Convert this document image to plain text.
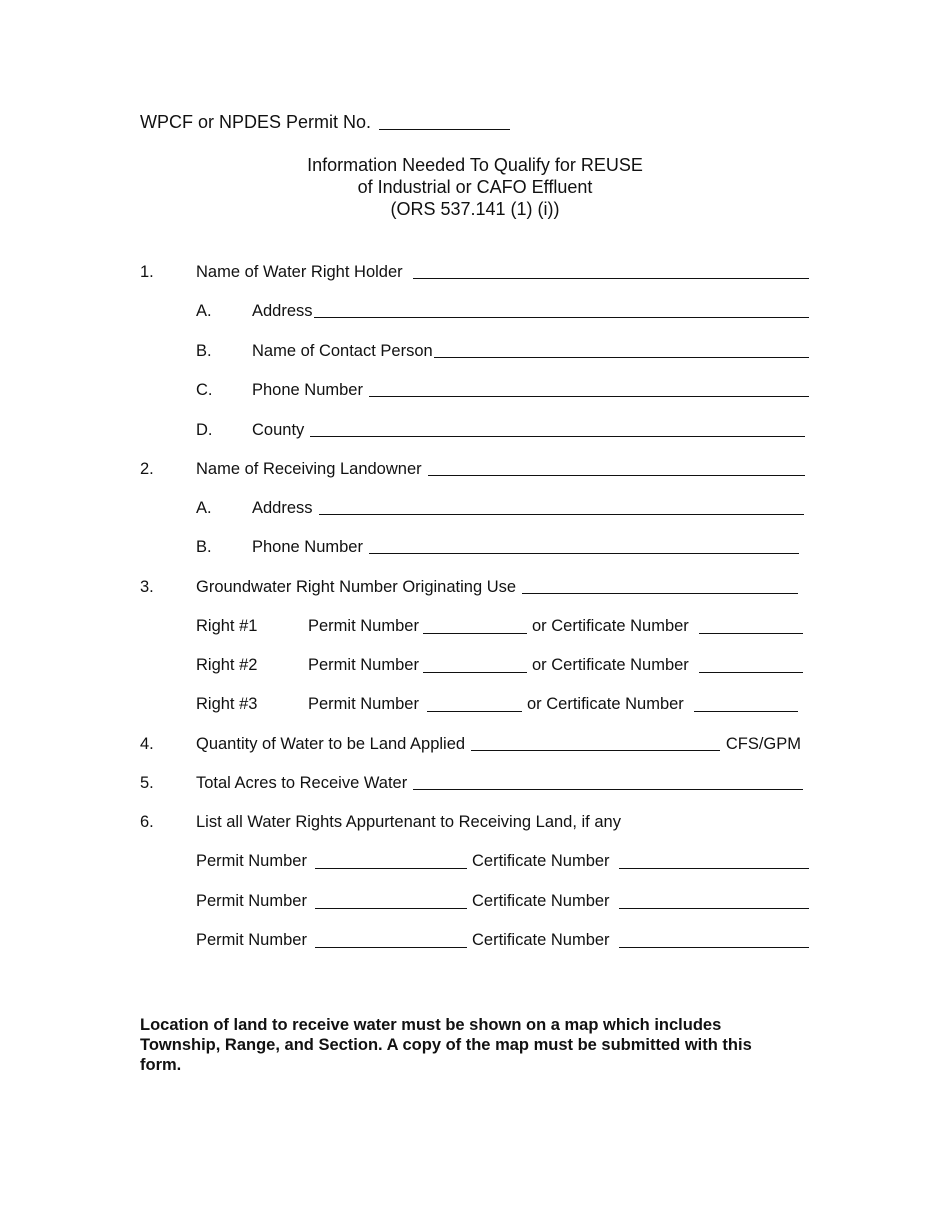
WPCF or NPDES Permit No.
Information Needed To Qualify for REUSE
of Industrial or CAFO Effluent
(ORS 537.141 (1) (i))
1.	Name of Water Right Holder
A. Address
B. Name of Contact Person
C. Phone Number
D. County
2.	Name of Receiving Landowner
A. Address
B. Phone Number
3.	Groundwater Right Number Originating Use
Right #1	Permit Number	or Certificate Number
Right #2	Permit Number	or Certificate Number
Right #3	Permit Number	or Certificate Number
4.	Quantity of Water to be Land Applied	CFS/GPM
5.	Total Acres to Receive Water
6.	List all Water Rights Appurtenant to Receiving Land, if any
Permit Number	Certificate Number
Permit Number	Certificate Number
Permit Number	Certificate Number
Location of land to receive water must be shown on a map which includes
Township, Range, and Section. A copy of the map must be submitted with this
form.
